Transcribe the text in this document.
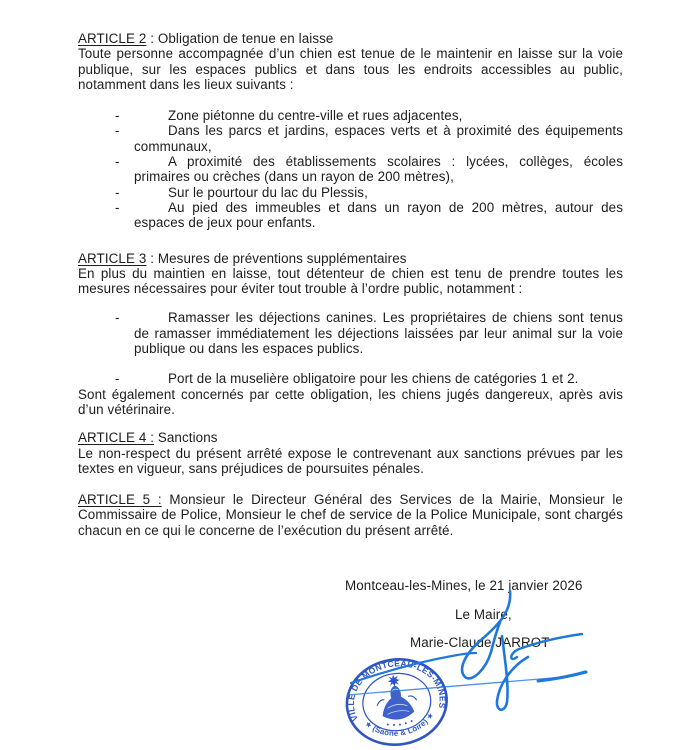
ARTICLE 2 : Obligation de tenue en laisse

Toute personne accompagnée d’un chien est tenue de le maintenir en laisse sur la voie publique, sur les espaces publics et dans tous les endroits accessibles au public, notamment dans les lieux suivants :

-	Zone piétonne du centre-ville et rues adjacentes,

-	Dans les parcs et jardins, espaces verts et à proximité des équipements communaux,

-	A proximité des établissements scolaires : lycées, collèges, écoles primaires ou crèches (dans un rayon de 200 mètres),

-	Sur le pourtour du lac du Plessis,

-	Au pied des immeubles et dans un rayon de 200 mètres, autour des espaces de jeux pour enfants.

ARTICLE 3 : Mesures de préventions supplémentaires

En plus du maintien en laisse, tout détenteur de chien est tenu de prendre toutes les mesures nécessaires pour éviter tout trouble à l’ordre public, notamment :

-	Ramasser les déjections canines. Les propriétaires de chiens sont tenus de ramasser immédiatement les déjections laissées par leur animal sur la voie publique ou dans les espaces publics.

-	Port de la muselière obligatoire pour les chiens de catégories 1 et 2.

Sont également concernés par cette obligation, les chiens jugés dangereux, après avis d’un vétérinaire.

ARTICLE 4 : Sanctions

Le non-respect du présent arrêté expose le contrevenant aux sanctions prévues par les textes en vigueur, sans préjudices de poursuites pénales.

ARTICLE 5 : Monsieur le Directeur Général des Services de la Mairie, Monsieur le Commissaire de Police, Monsieur le chef de service de la Police Municipale, sont chargés chacun en ce qui le concerne de l’exécution du présent arrêté.

Montceau-les-Mines, le 21 janvier 2026

Le Maire,

Marie-Claude JARROT

VILLE DE MONTCEAU-LES-MINES
★ (Saône & Loire) ★
